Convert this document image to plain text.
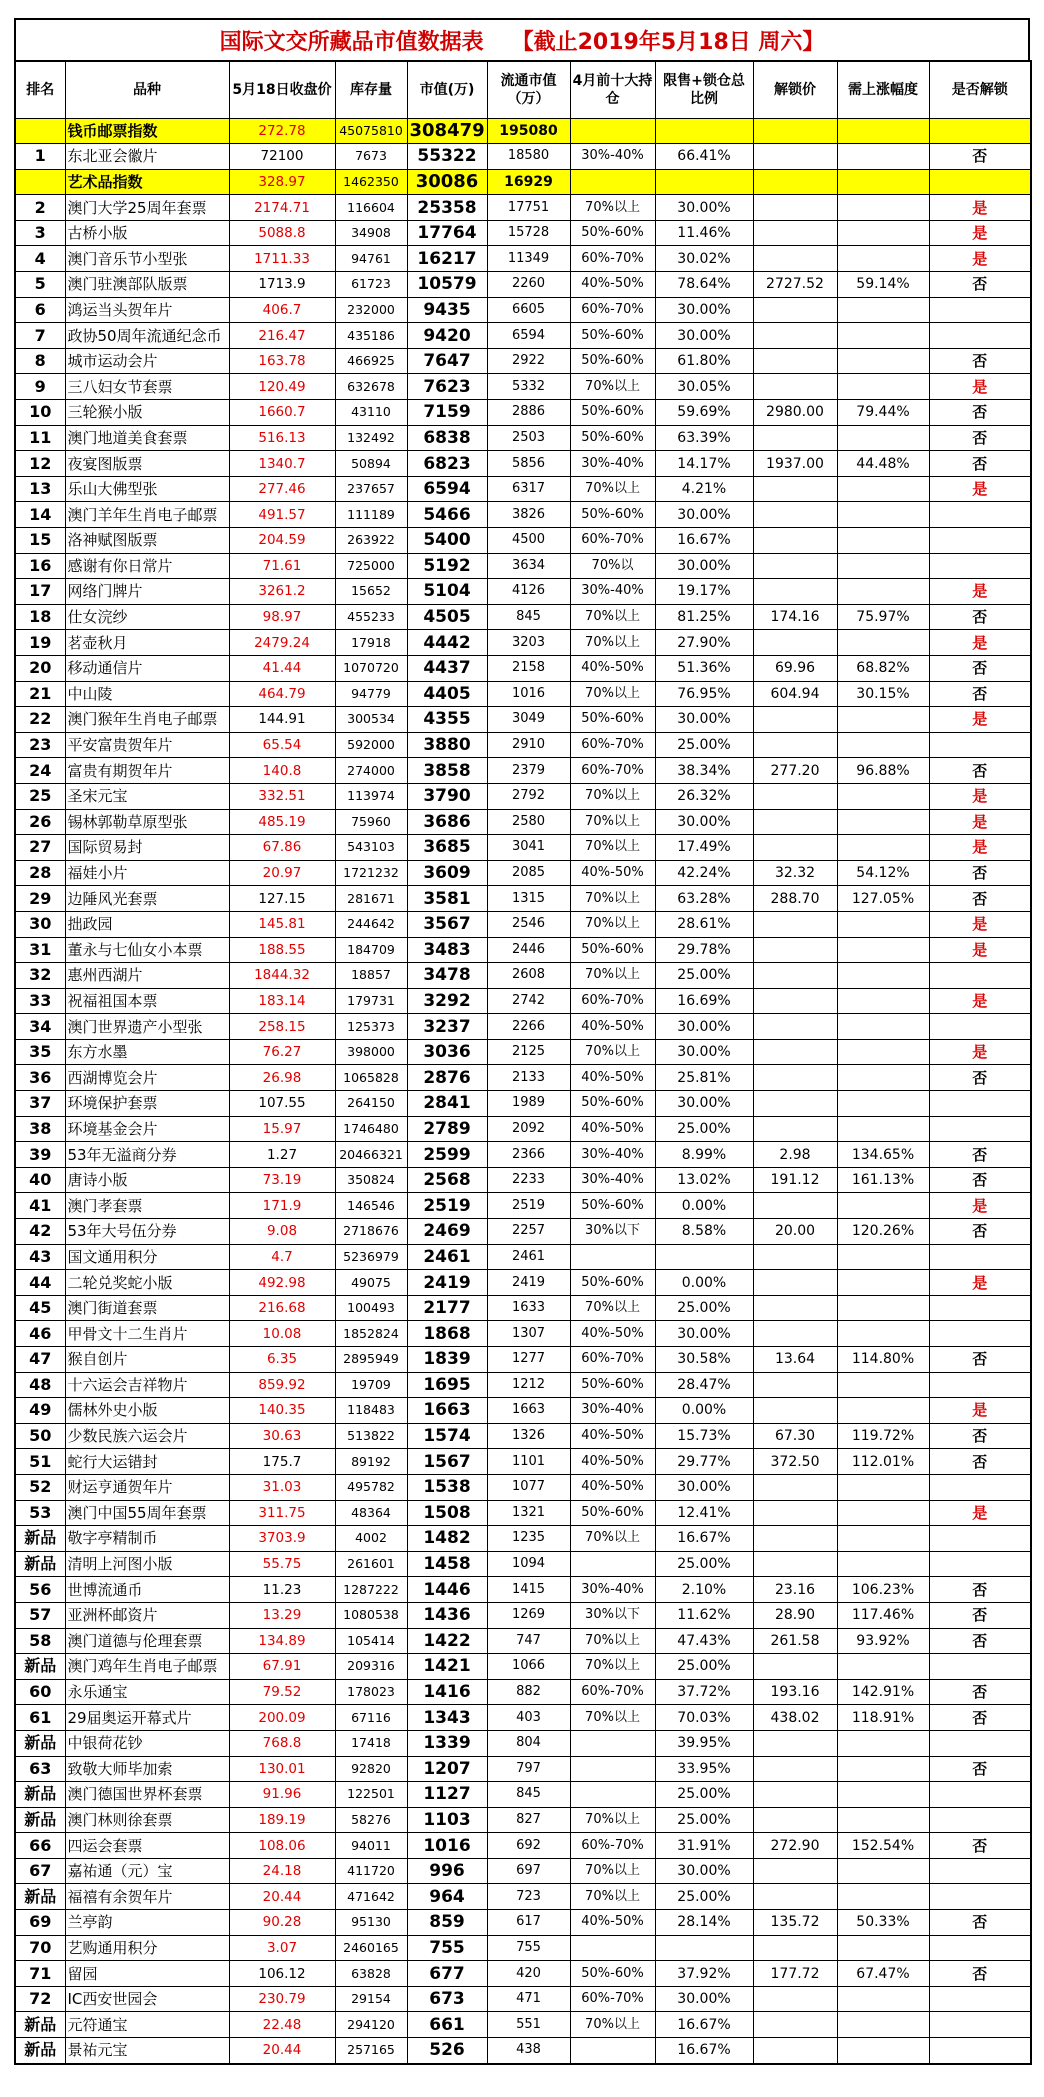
国际文交所藏品市值数据表 【截止2019年5月18日 周六】
排名	品种	5月18日收盘价	库存量	市值(万)	流通市值（万）	4月前十大持仓	限售+锁仓总比例	解锁价	需上涨幅度	是否解锁
	钱币邮票指数	272.78	45075810	308479	195080					
1	东北亚会徽片	72100	7673	55322	18580	30%-40%	66.41%			否
	艺术品指数	328.97	1462350	30086	16929					
2	澳门大学25周年套票	2174.71	116604	25358	17751	70%以上	30.00%			是
3	古桥小版	5088.8	34908	17764	15728	50%-60%	11.46%			是
4	澳门音乐节小型张	1711.33	94761	16217	11349	60%-70%	30.02%			是
5	澳门驻澳部队版票	1713.9	61723	10579	2260	40%-50%	78.64%	2727.52	59.14%	否
6	鸿运当头贺年片	406.7	232000	9435	6605	60%-70%	30.00%			
7	政协50周年流通纪念币	216.47	435186	9420	6594	50%-60%	30.00%			
8	城市运动会片	163.78	466925	7647	2922	50%-60%	61.80%			否
9	三八妇女节套票	120.49	632678	7623	5332	70%以上	30.05%			是
10	三轮猴小版	1660.7	43110	7159	2886	50%-60%	59.69%	2980.00	79.44%	否
11	澳门地道美食套票	516.13	132492	6838	2503	50%-60%	63.39%			否
12	夜宴图版票	1340.7	50894	6823	5856	30%-40%	14.17%	1937.00	44.48%	否
13	乐山大佛型张	277.46	237657	6594	6317	70%以上	4.21%			是
14	澳门羊年生肖电子邮票	491.57	111189	5466	3826	50%-60%	30.00%			
15	洛神赋图版票	204.59	263922	5400	4500	60%-70%	16.67%			
16	感谢有你日常片	71.61	725000	5192	3634	70%以	30.00%			
17	网络门牌片	3261.2	15652	5104	4126	30%-40%	19.17%			是
18	仕女浣纱	98.97	455233	4505	845	70%以上	81.25%	174.16	75.97%	否
19	茗壶秋月	2479.24	17918	4442	3203	70%以上	27.90%			是
20	移动通信片	41.44	1070720	4437	2158	40%-50%	51.36%	69.96	68.82%	否
21	中山陵	464.79	94779	4405	1016	70%以上	76.95%	604.94	30.15%	否
22	澳门猴年生肖电子邮票	144.91	300534	4355	3049	50%-60%	30.00%			是
23	平安富贵贺年片	65.54	592000	3880	2910	60%-70%	25.00%			
24	富贵有期贺年片	140.8	274000	3858	2379	60%-70%	38.34%	277.20	96.88%	否
25	圣宋元宝	332.51	113974	3790	2792	70%以上	26.32%			是
26	锡林郭勒草原型张	485.19	75960	3686	2580	70%以上	30.00%			是
27	国际贸易封	67.86	543103	3685	3041	70%以上	17.49%			是
28	福娃小片	20.97	1721232	3609	2085	40%-50%	42.24%	32.32	54.12%	否
29	边陲风光套票	127.15	281671	3581	1315	70%以上	63.28%	288.70	127.05%	否
30	拙政园	145.81	244642	3567	2546	70%以上	28.61%			是
31	董永与七仙女小本票	188.55	184709	3483	2446	50%-60%	29.78%			是
32	惠州西湖片	1844.32	18857	3478	2608	70%以上	25.00%			
33	祝福祖国本票	183.14	179731	3292	2742	60%-70%	16.69%			是
34	澳门世界遗产小型张	258.15	125373	3237	2266	40%-50%	30.00%			
35	东方水墨	76.27	398000	3036	2125	70%以上	30.00%			是
36	西湖博览会片	26.98	1065828	2876	2133	40%-50%	25.81%			否
37	环境保护套票	107.55	264150	2841	1989	50%-60%	30.00%			
38	环境基金会片	15.97	1746480	2789	2092	40%-50%	25.00%			
39	53年无溢商分券	1.27	20466321	2599	2366	30%-40%	8.99%	2.98	134.65%	否
40	唐诗小版	73.19	350824	2568	2233	30%-40%	13.02%	191.12	161.13%	否
41	澳门孝套票	171.9	146546	2519	2519	50%-60%	0.00%			是
42	53年大号伍分券	9.08	2718676	2469	2257	30%以下	8.58%	20.00	120.26%	否
43	国文通用积分	4.7	5236979	2461	2461					
44	二轮兑奖蛇小版	492.98	49075	2419	2419	50%-60%	0.00%			是
45	澳门街道套票	216.68	100493	2177	1633	70%以上	25.00%			
46	甲骨文十二生肖片	10.08	1852824	1868	1307	40%-50%	30.00%			
47	猴自创片	6.35	2895949	1839	1277	60%-70%	30.58%	13.64	114.80%	否
48	十六运会吉祥物片	859.92	19709	1695	1212	50%-60%	28.47%			
49	儒林外史小版	140.35	118483	1663	1663	30%-40%	0.00%			是
50	少数民族六运会片	30.63	513822	1574	1326	40%-50%	15.73%	67.30	119.72%	否
51	蛇行大运错封	175.7	89192	1567	1101	40%-50%	29.77%	372.50	112.01%	否
52	财运亨通贺年片	31.03	495782	1538	1077	40%-50%	30.00%			
53	澳门中国55周年套票	311.75	48364	1508	1321	50%-60%	12.41%			是
新品	敬字亭精制币	3703.9	4002	1482	1235	70%以上	16.67%			
新品	清明上河图小版	55.75	261601	1458	1094		25.00%			
56	世博流通币	11.23	1287222	1446	1415	30%-40%	2.10%	23.16	106.23%	否
57	亚洲杯邮资片	13.29	1080538	1436	1269	30%以下	11.62%	28.90	117.46%	否
58	澳门道德与伦理套票	134.89	105414	1422	747	70%以上	47.43%	261.58	93.92%	否
新品	澳门鸡年生肖电子邮票	67.91	209316	1421	1066	70%以上	25.00%			
60	永乐通宝	79.52	178023	1416	882	60%-70%	37.72%	193.16	142.91%	否
61	29届奥运开幕式片	200.09	67116	1343	403	70%以上	70.03%	438.02	118.91%	否
新品	中银荷花钞	768.8	17418	1339	804		39.95%			
63	致敬大师毕加索	130.01	92820	1207	797		33.95%			否
新品	澳门德国世界杯套票	91.96	122501	1127	845		25.00%			
新品	澳门林则徐套票	189.19	58276	1103	827	70%以上	25.00%			
66	四运会套票	108.06	94011	1016	692	60%-70%	31.91%	272.90	152.54%	否
67	嘉祐通（元）宝	24.18	411720	996	697	70%以上	30.00%			
新品	福禧有余贺年片	20.44	471642	964	723	70%以上	25.00%			
69	兰亭韵	90.28	95130	859	617	40%-50%	28.14%	135.72	50.33%	否
70	艺购通用积分	3.07	2460165	755	755					
71	留园	106.12	63828	677	420	50%-60%	37.92%	177.72	67.47%	否
72	IC西安世园会	230.79	29154	673	471	60%-70%	30.00%			
新品	元符通宝	22.48	294120	661	551	70%以上	16.67%			
新品	景祐元宝	20.44	257165	526	438		16.67%			
